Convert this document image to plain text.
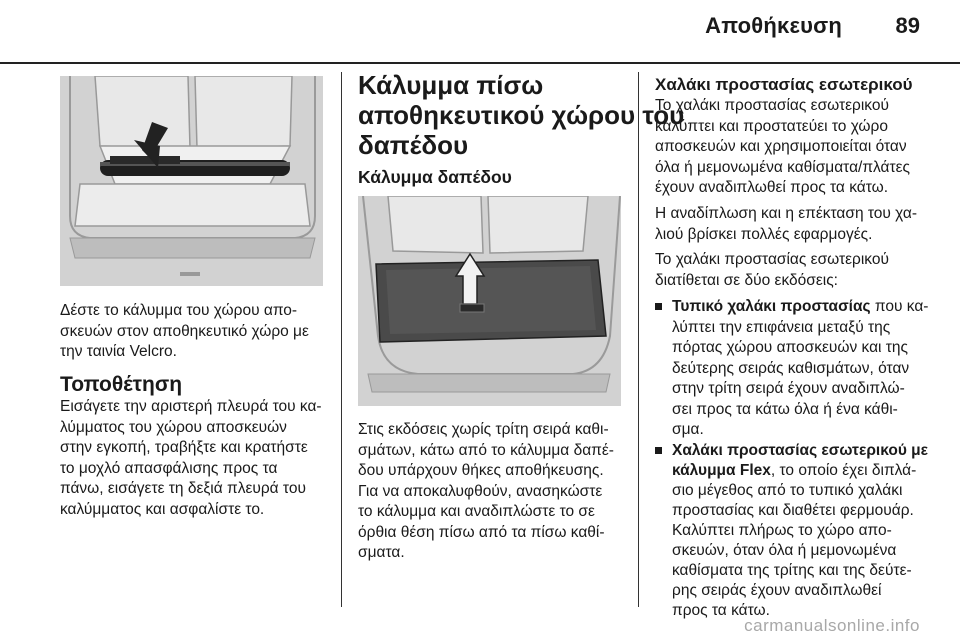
Αποθήκευση 89

Δέστε το κάλυμμα του χώρου απο-

σκευών στον αποθηκευτικό χώρο με

την ταινία Velcro.

Τοποθέτηση

Εισάγετε την αριστερή πλευρά του κα-

λύμματος του χώρου αποσκευών

στην εγκοπή, τραβήξτε και κρατήστε

το μοχλό απασφάλισης προς τα

πάνω, εισάγετε τη δεξιά πλευρά του

καλύμματος και ασφαλίστε το.

Κάλυμμα πίσω
αποθηκευτικού χώρου του
δαπέδου
Κάλυμμα δαπέδου

Στις εκδόσεις χωρίς τρίτη σειρά καθι-

σμάτων, κάτω από το κάλυμμα δαπέ-

δου υπάρχουν θήκες αποθήκευσης.

Για να αποκαλυφθούν, ανασηκώστε

το κάλυμμα και αναδιπλώστε το σε

όρθια θέση πίσω από τα πίσω καθί-

σματα.

Χαλάκι προστασίας εσωτερικού

Το χαλάκι προστασίας εσωτερικού

καλύπτει και προστατεύει το χώρο

αποσκευών και χρησιμοποιείται όταν

όλα ή μεμονωμένα καθίσματα/πλάτες

έχουν αναδιπλωθεί προς τα κάτω.

Η αναδίπλωση και η επέκταση του χα-

λιού βρίσκει πολλές εφαρμογές.

Το χαλάκι προστασίας εσωτερικού

διατίθεται σε δύο εκδόσεις:

Τυπικό χαλάκι προστασίας που κα-

λύπτει την επιφάνεια μεταξύ της

πόρτας χώρου αποσκευών και της

δεύτερης σειράς καθισμάτων, όταν

στην τρίτη σειρά έχουν αναδιπλώ-

σει προς τα κάτω όλα ή ένα κάθι-

σμα.

Χαλάκι προστασίας εσωτερικού με
κάλυμμα Flex, το οποίο έχει διπλά-

σιο μέγεθος από το τυπικό χαλάκι

προστασίας και διαθέτει φερμουάρ.

Καλύπτει πλήρως το χώρο απο-

σκευών, όταν όλα ή μεμονωμένα

καθίσματα της τρίτης και της δεύτε-

ρης σειράς έχουν αναδιπλωθεί

carmanualsonline.info

προς τα κάτω.
